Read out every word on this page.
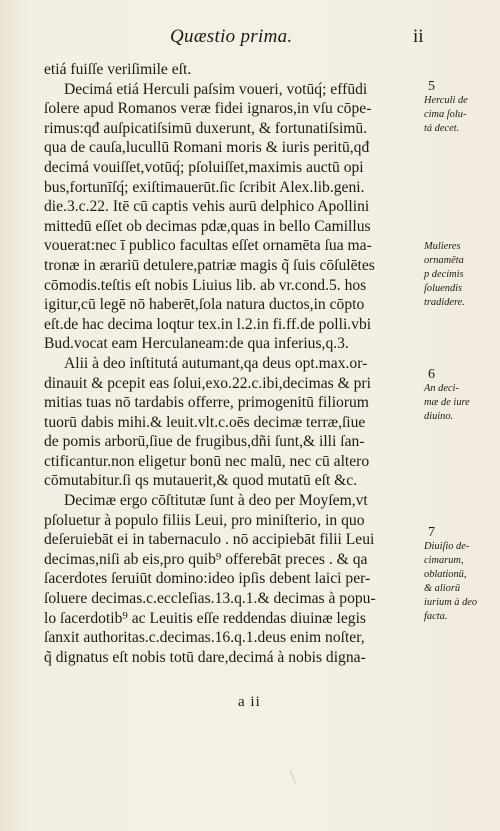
Quæstio prima.	ii
etiá fuiſſe veriſimile eſt.
Decimá etiá Herculi paſsim voueri, votūq́; effūdi
ſolere apud Romanos veræ fidei ignaros,in vſu cōpe-
rimus:qđ auſpicatiſsimū duxerunt, & fortunatiſsimū.
qua de cauſa,lucullū Romani moris & iuris peritū,qđ
decimá vouiſſet,votūq́; pſoluiſſet,maximis auctū opi
bus,fortunīſq́; exiſtimauerūt.ſic ſcribit Alex.lib.geni.
die.3.c.22. Itē cū captis vehis aurū delphico Apollini
mittedū eſſet ob decimas pdæ,quas in bello Camillus
vouerat:nec ī publico facultas eſſet ornamēta ſua ma-
tronæ in ærariū detulere,patriæ magis q̃ ſuis cōſulētes
cōmodis.teſtis eſt nobis Liuius lib. ab vr.cond.5. hos
igitur,cū legē nō haberēt,ſola natura ductos,in cōpto
eſt.de hac decima loqtur tex.in l.2.in fi.ff.de polli.vbi
Bud.vocat eam Herculaneam:de qua inferius,q.3.
Alii à deo inſtitutá autumant,qa deus opt.max.or-
dinauit & pcepit eas ſolui,exo.22.c.ibi,decimas & pri
mitias tuas nō tardabis offerre, primogenitū filiorum
tuorū dabis mihi.& leuit.vlt.c.oēs decimæ terræ,ſiue
de pomis arborū,ſiue de frugibus,dñi ſunt,& illi ſan-
ctificantur.non eligetur bonū nec malū, nec cū altero
cōmutabitur.ſi qs mutauerit,& quod mutatū eſt &c.
Decimæ ergo cōſtitutæ ſunt à deo per Moyſem,vt
pſoluetur à populo filiis Leui, pro miniſterio, in quo
deſeruiebāt ei in tabernaculo . nō accipiebāt filii Leui
decimas,niſi ab eis,pro quib⁹ offerebāt preces . & qa
ſacerdotes ſeruiūt domino:ideo ipſis debent laici per-
ſoluere decimas.c.eccleſias.13.q.1.& decimas à popu-
lo ſacerdotib⁹ ac Leuitis eſſe reddendas diuinæ legis
ſanxit authoritas.c.decimas.16.q.1.deus enim noſter,
q̃ dignatus eſt nobis totū dare,decimá à nobis digna-
5
Herculi de
cima ſolu-
tá decet.
Mulieres
ornamēta
p decimis
ſoluendis
tradidere.
6
An deci-
mæ de iure
diuino.
7
Diuiſio de-
cimarum,
oblationū,
& aliorū
iurium à deo
facta.
a ii
